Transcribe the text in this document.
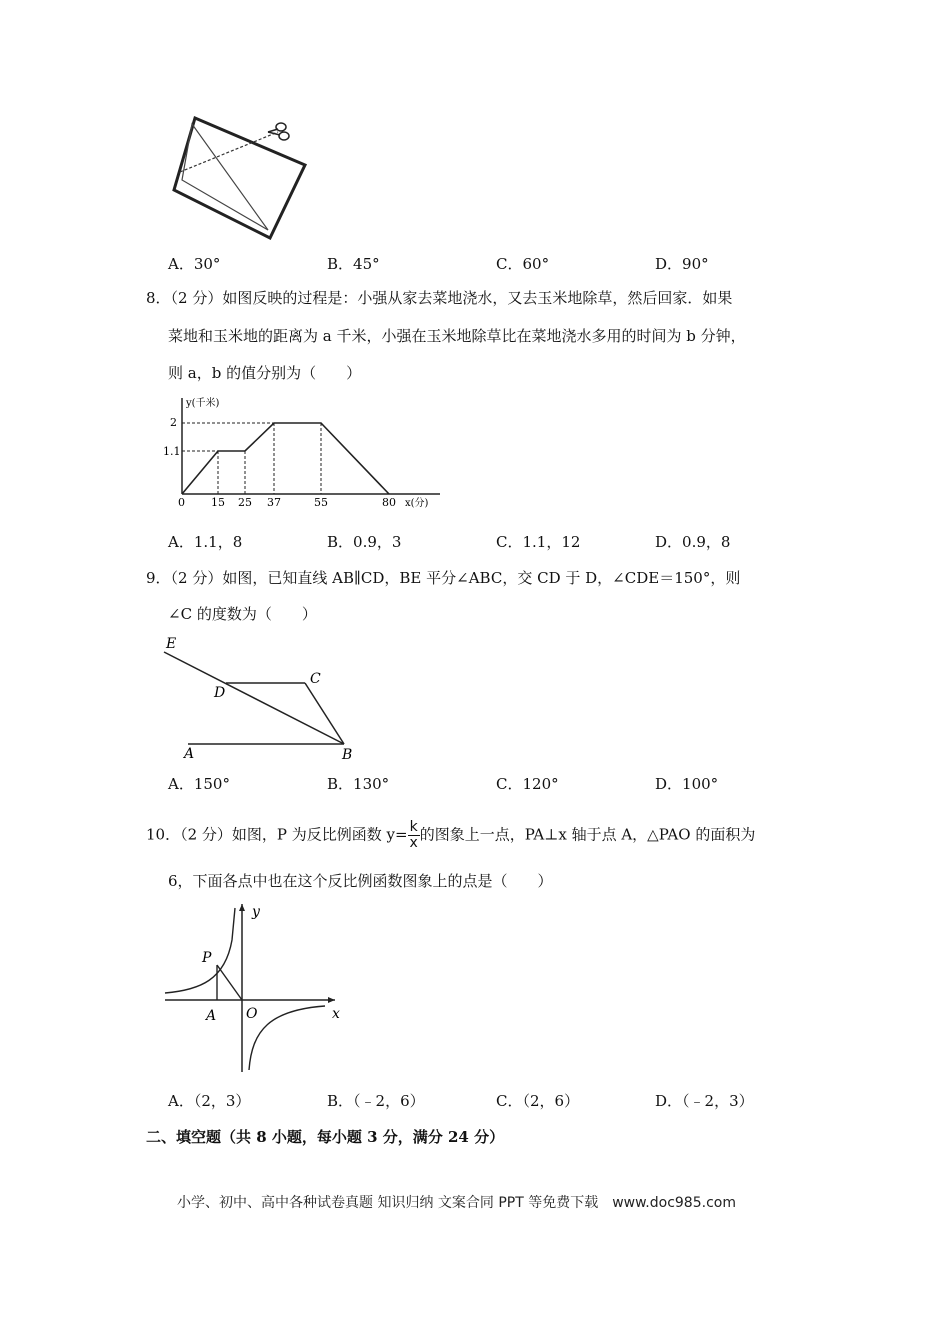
A．30°	B．45°	C．60°	D．90°
8．（2 分）如图反映的过程是：小强从家去菜地浇水，又去玉米地除草，然后回家．如果
菜地和玉米地的距离为 a 千米，小强在玉米地除草比在菜地浇水多用的时间为 b 分钟，
则 a，b 的值分别为（　　）
y(千米)
x(分)
2
1.1
0 15 25 37	55	80
A．1.1，8	B．0.9，3	C．1.1，12	D．0.9，8
9．（2 分）如图，已知直线 AB∥CD，BE 平分∠ABC，交 CD 于 D，∠CDE＝150°，则
∠C 的度数为（　　）
E
D
C
A	B
A．150°	B．130°	C．120°	D．100°
10．（2 分）如图，P 为反比例函数 $y= \frac{k}{x}$ 的图象上一点，PA⊥x 轴于点 A，△PAO 的面积为
6，下面各点中也在这个反比例函数图象上的点是（　　）
y
x
P
A O
A．（2，3）	B．（﹣2，6）	C．（2，6）	D．（﹣2，3）
二、填空题（共 8 小题，每小题 3 分，满分 24 分）
小学、初中、高中各种试卷真题 知识归纳 文案合同 PPT 等免费下载　www.doc985.com
